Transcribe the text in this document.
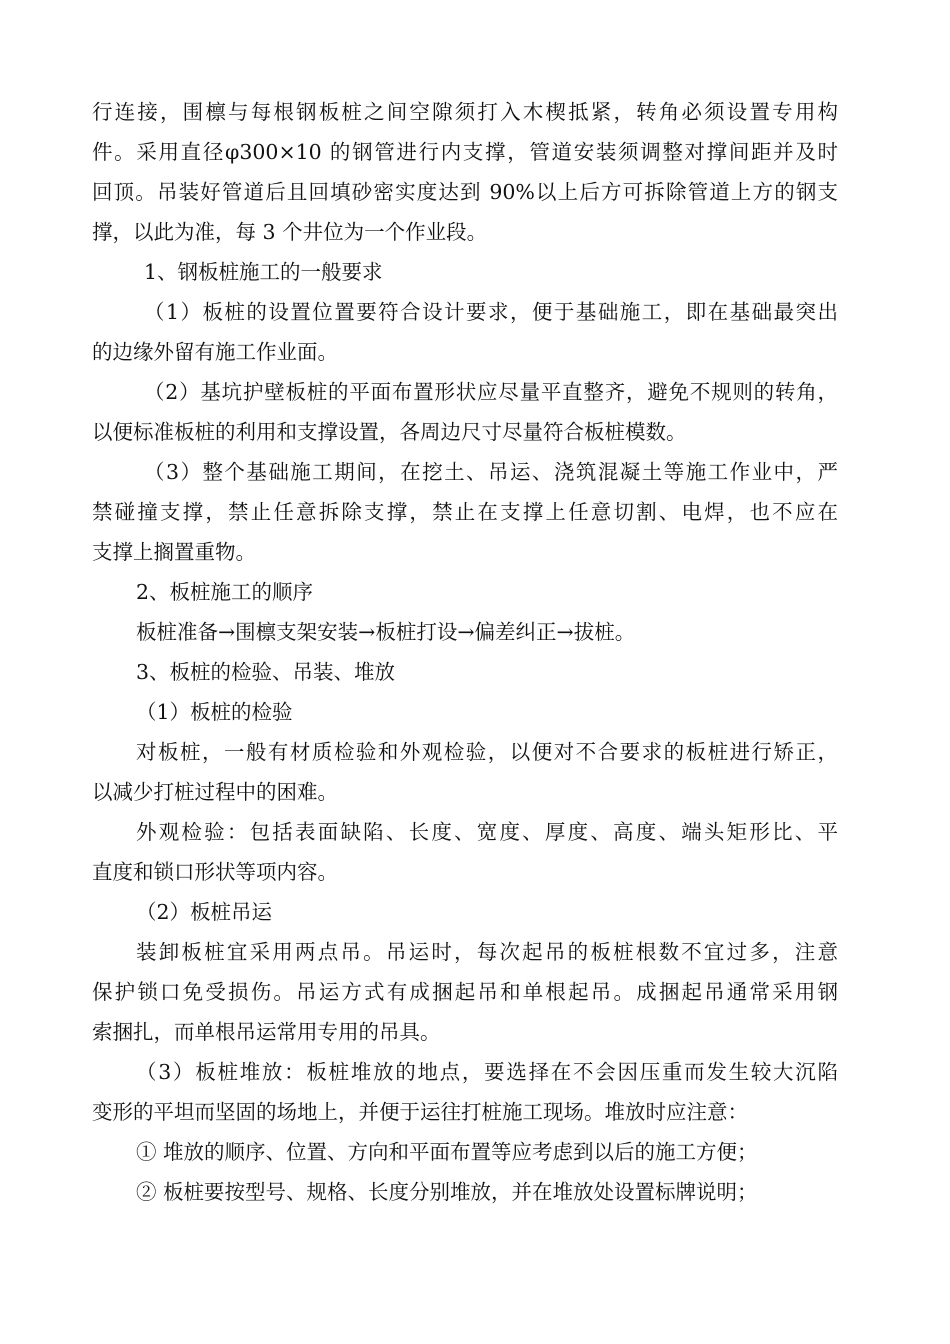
行连接，围檩与每根钢板桩之间空隙须打入木楔抵紧，转角必须设置专用构
件。采用直径φ300×10 的钢管进行内支撑，管道安装须调整对撑间距并及时
回顶。吊装好管道后且回填砂密实度达到 90%以上后方可拆除管道上方的钢支
撑，以此为准，每 3 个井位为一个作业段。
1、钢板桩施工的一般要求
（1）板桩的设置位置要符合设计要求，便于基础施工，即在基础最突出
的边缘外留有施工作业面。
（2）基坑护壁板桩的平面布置形状应尽量平直整齐，避免不规则的转角，
以便标准板桩的利用和支撑设置，各周边尺寸尽量符合板桩模数。
（3）整个基础施工期间，在挖土、吊运、浇筑混凝土等施工作业中，严
禁碰撞支撑，禁止任意拆除支撑，禁止在支撑上任意切割、电焊，也不应在
支撑上搁置重物。
2、板桩施工的顺序
板桩准备→围檩支架安装→板桩打设→偏差纠正→拔桩。
3、板桩的检验、吊装、堆放
（1）板桩的检验
对板桩，一般有材质检验和外观检验，以便对不合要求的板桩进行矫正，
以减少打桩过程中的困难。
外观检验：包括表面缺陷、长度、宽度、厚度、高度、端头矩形比、平
直度和锁口形状等项内容。
（2）板桩吊运
装卸板桩宜采用两点吊。吊运时，每次起吊的板桩根数不宜过多，注意
保护锁口免受损伤。吊运方式有成捆起吊和单根起吊。成捆起吊通常采用钢
索捆扎，而单根吊运常用专用的吊具。
（3）板桩堆放：板桩堆放的地点，要选择在不会因压重而发生较大沉陷
变形的平坦而坚固的场地上，并便于运往打桩施工现场。堆放时应注意：
① 堆放的顺序、位置、方向和平面布置等应考虑到以后的施工方便；
② 板桩要按型号、规格、长度分别堆放，并在堆放处设置标牌说明；
